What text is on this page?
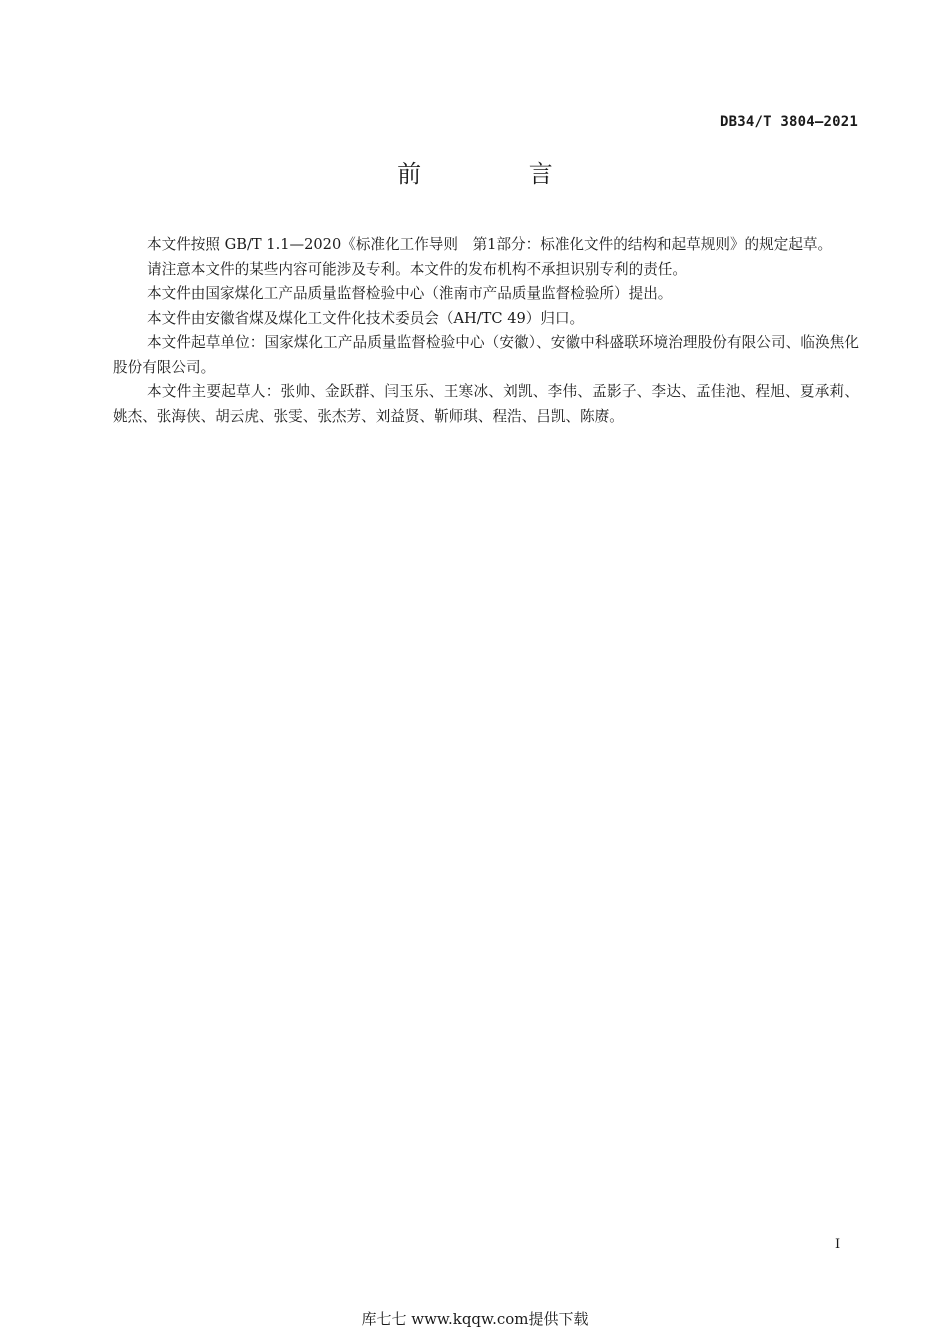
DB34/T 3804—2021
前 言

本文件按照 GB/T 1.1—2020《标准化工作导则　第1部分：标准化文件的结构和起草规则》的规定起草。

请注意本文件的某些内容可能涉及专利。本文件的发布机构不承担识别专利的责任。

本文件由国家煤化工产品质量监督检验中心（淮南市产品质量监督检验所）提出。

本文件由安徽省煤及煤化工文件化技术委员会（AH/TC 49）归口。

本文件起草单位：国家煤化工产品质量监督检验中心（安徽）、安徽中科盛联环境治理股份有限公司、临涣焦化股份有限公司。

本文件主要起草人：张帅、金跃群、闫玉乐、王寒冰、刘凯、李伟、孟影子、李达、孟佳池、程旭、夏承莉、姚杰、张海侠、胡云虎、张雯、张杰芳、刘益贤、靳师琪、程浩、吕凯、陈赓。

I
库七七 www.kqqw.com提供下载
